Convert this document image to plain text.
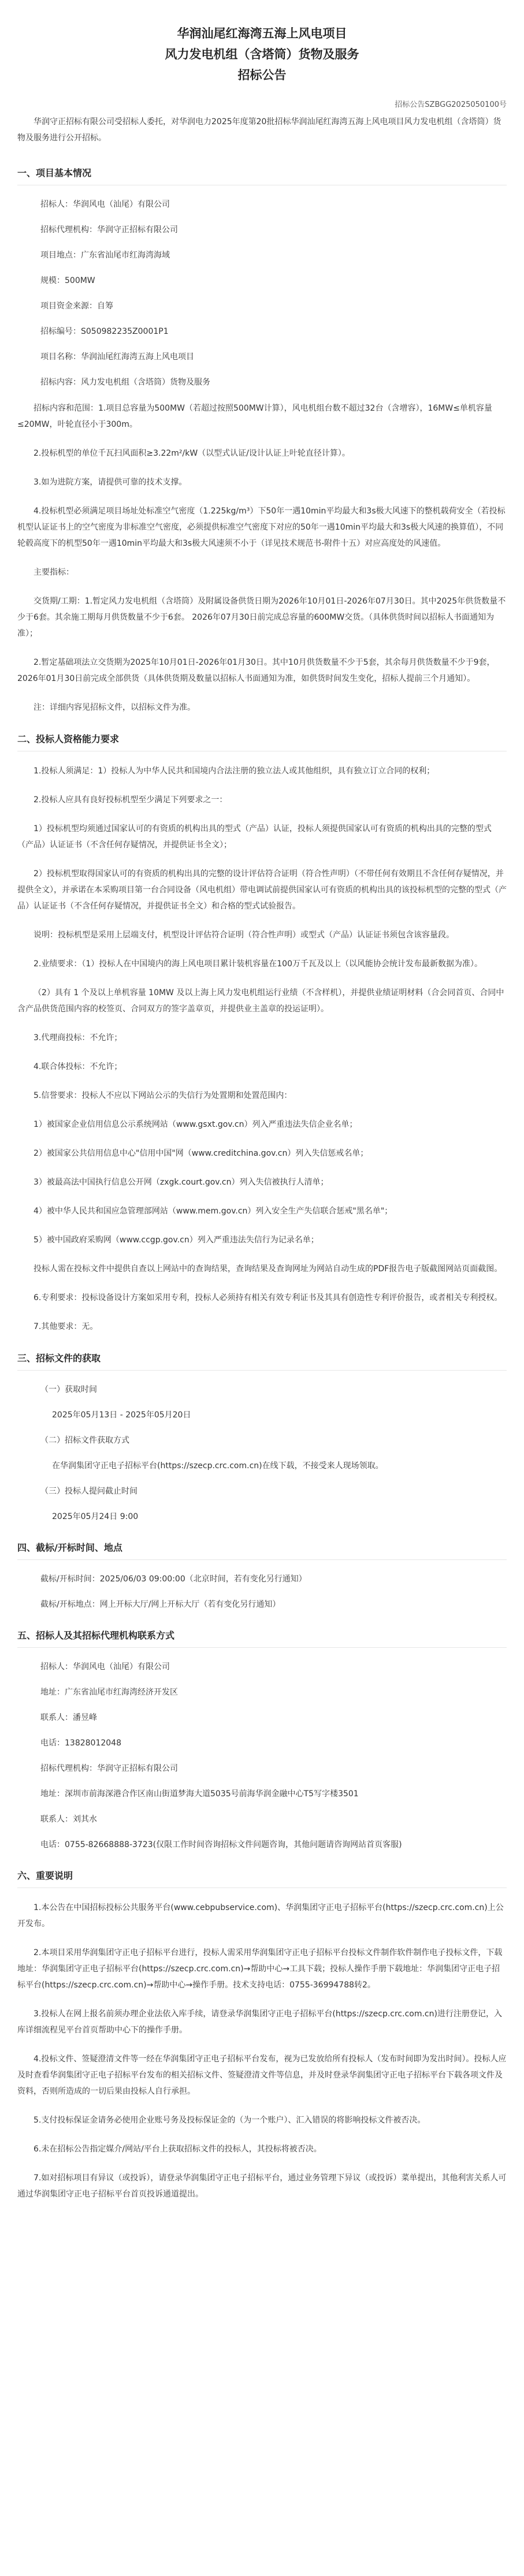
华润汕尾红海湾五海上风电项目

风力发电机组（含塔筒）货物及服务

招标公告

招标公告SZBGG2025050100号

华润守正招标有限公司受招标人委托，对华润电力2025年度第20批招标华润汕尾红海湾五海上风电项目风力发电机组（含塔筒）货物及服务进行公开招标。

一、项目基本情况
招标人：华润风电（汕尾）有限公司
招标代理机构：华润守正招标有限公司
项目地点：广东省汕尾市红海湾海域
规模：500MW
项目资金来源：自筹
招标编号：S050982235Z0001P1
项目名称：华润汕尾红海湾五海上风电项目
招标内容：风力发电机组（含塔筒）货物及服务

招标内容和范围：1.项目总容量为500MW（若超过按照500MW计算），风电机组台数不超过32台（含增容），16MW≤单机容量≤20MW，叶轮直径小于300m。

2.投标机型的单位千瓦扫风面积≥3.22m²/kW（以型式认证/设计认证上叶轮直径计算）。

3.如为进院方案，请提供可靠的技术支撑。

4.投标机型必须满足项目场址处标准空气密度（1.225kg/m³）下50年一遇10min平均最大和3s极大风速下的整机载荷安全（若投标机型认证证书上的空气密度为非标准空气密度，必须提供标准空气密度下对应的50年一遇10min平均最大和3s极大风速的换算值），不同轮毂高度下的机型50年一遇10min平均最大和3s极大风速须不小于（详见技术规范书-附件十五）对应高度处的风速值。

主要指标：

交货期/工期：1.暂定风力发电机组（含塔筒）及附属设备供货日期为2026年10月01日-2026年07月30日。其中2025年供货数量不少于6套。其余施工期每月供货数量不少于6套。 2026年07月30日前完成总容量的600MW交货。（具体供货时间以招标人书面通知为准）；

2.暂定基础项法立交货期为2025年10月01日-2026年01月30日。其中10月供货数量不少于5套，其余每月供货数量不少于9套，2026年01月30日前完成全部供货（具体供货期及数量以招标人书面通知为准，如供货时间发生变化，招标人提前三个月通知）。

注：详细内容见招标文件，以招标文件为准。

二、投标人资格能力要求

1.投标人须满足：1）投标人为中华人民共和国境内合法注册的独立法人或其他组织，具有独立订立合同的权利；

2.投标人应具有良好投标机型至少满足下列要求之一：

1）投标机型均须通过国家认可的有资质的机构出具的型式（产品）认证，投标人须提供国家认可有资质的机构出具的完整的型式（产品）认证证书（不含任何存疑情况，并提供证书全文）；

2）投标机型取得国家认可的有资质的机构出具的完整的设计评估符合证明（符合性声明）（不带任何有效期且不含任何存疑情况，并提供全文），并承诺在本采购项目第一台合同设备（风电机组）带电调试前提供国家认可有资质的机构出具的该投标机型的完整的型式（产品）认证证书（不含任何存疑情况，并提供证书全文）和合格的型式试验报告。

说明：投标机型是采用上层端支付，机型设计评估符合证明（符合性声明）或型式（产品）认证证书须包含该容量段。

2.业绩要求：（1）投标人在中国境内的海上风电项目累计装机容量在100万千瓦及以上（以风能协会统计发布最新数据为准）。

（2）具有 1 个及以上单机容量 10MW 及以上海上风力发电机组运行业绩（不含样机），并提供业绩证明材料（合会同首页、合同中含产品供货范围内容的校签页、合同双方的签字盖章页，并提供业主盖章的投运证明）。

3.代理商投标：不允许；

4.联合体投标：不允许；

5.信誉要求：投标人不应以下网站公示的失信行为处置期和处置范围内：

1）被国家企业信用信息公示系统网站（www.gsxt.gov.cn）列入严重违法失信企业名单；

2）被国家公共信用信息中心"信用中国"网（www.creditchina.gov.cn）列入失信惩戒名单；

3）被最高法中国执行信息公开网（zxgk.court.gov.cn）列入失信被执行人清单；

4）被中华人民共和国应急管理部网站（www.mem.gov.cn）列入安全生产失信联合惩戒"黑名单"；

5）被中国政府采购网（www.ccgp.gov.cn）列入严重违法失信行为记录名单；

投标人需在投标文件中提供自查以上网站中的查询结果，查询结果及查询网址为网站自动生成的PDF报告电子版截图网站页面截图。

6.专利要求：投标设备设计方案如采用专利，投标人必须持有相关有效专利证书及其具有创造性专利评价报告，或者相关专利授权。

7.其他要求：无。

三、招标文件的获取
（一）获取时间
2025年05月13日 - 2025年05月20日
（二）招标文件获取方式
在华润集团守正电子招标平台(https://szecp.crc.com.cn)在线下载，不接受来人现场领取。
（三）投标人提问截止时间
2025年05月24日 9:00
四、截标/开标时间、地点
截标/开标时间：2025/06/03 09:00:00（北京时间，若有变化另行通知）
截标/开标地点：网上开标大厅/网上开标大厅（若有变化另行通知）
五、招标人及其招标代理机构联系方式
招标人：华润风电（汕尾）有限公司
地址：广东省汕尾市红海湾经济开发区
联系人：潘昱峰
电话：13828012048
招标代理机构：华润守正招标有限公司
地址：深圳市前海深港合作区南山街道梦海大道5035号前海华润金融中心T5写字楼3501
联系人：刘其水
电话：0755-82668888-3723(仅限工作时间咨询招标文件问题咨询，其他问题请咨询网站首页客服)
六、重要说明

1.本公告在中国招标投标公共服务平台(www.cebpubservice.com)、华润集团守正电子招标平台(https://szecp.crc.com.cn)上公开发布。

2.本项目采用华润集团守正电子招标平台进行，投标人需采用华润集团守正电子招标平台投标文件制作软件制作电子投标文件，下载地址：华润集团守正电子招标平台(https://szecp.crc.com.cn)→帮助中心→工具下载；投标人操作手册下载地址：华润集团守正电子招标平台(https://szecp.crc.com.cn)→帮助中心→操作手册。技术支持电话：0755-36994788转2。

3.投标人在网上报名前须办理企业法依入库手续，请登录华润集团守正电子招标平台(https://szecp.crc.com.cn)进行注册登记，入库详细流程见平台首页帮助中心下的操作手册。

4.投标文件、签疑澄清文件等一经在华润集团守正电子招标平台发布，视为已发放给所有投标人（发布时间即为发出时间）。投标人应及时查看华润集团守正电子招标平台发布的相关招标文件、签疑澄清文件等信息，并及时登录华润集团守正电子招标平台下载各项文件及资料，否则所造成的一切后果由投标人自行承担。

5.支付投标保证金请务必使用企业账号务及投标保证金的（为一个账户）、汇入错误的将影响投标文件被否决。

6.未在招标公告指定媒介/网站/平台上获取招标文件的投标人，其投标将被否决。

7.如对招标项目有异议（或投诉），请登录华润集团守正电子招标平台，通过业务管理下异议（或投诉）菜单提出，其他利害关系人可通过华润集团守正电子招标平台首页投诉通道提出。
